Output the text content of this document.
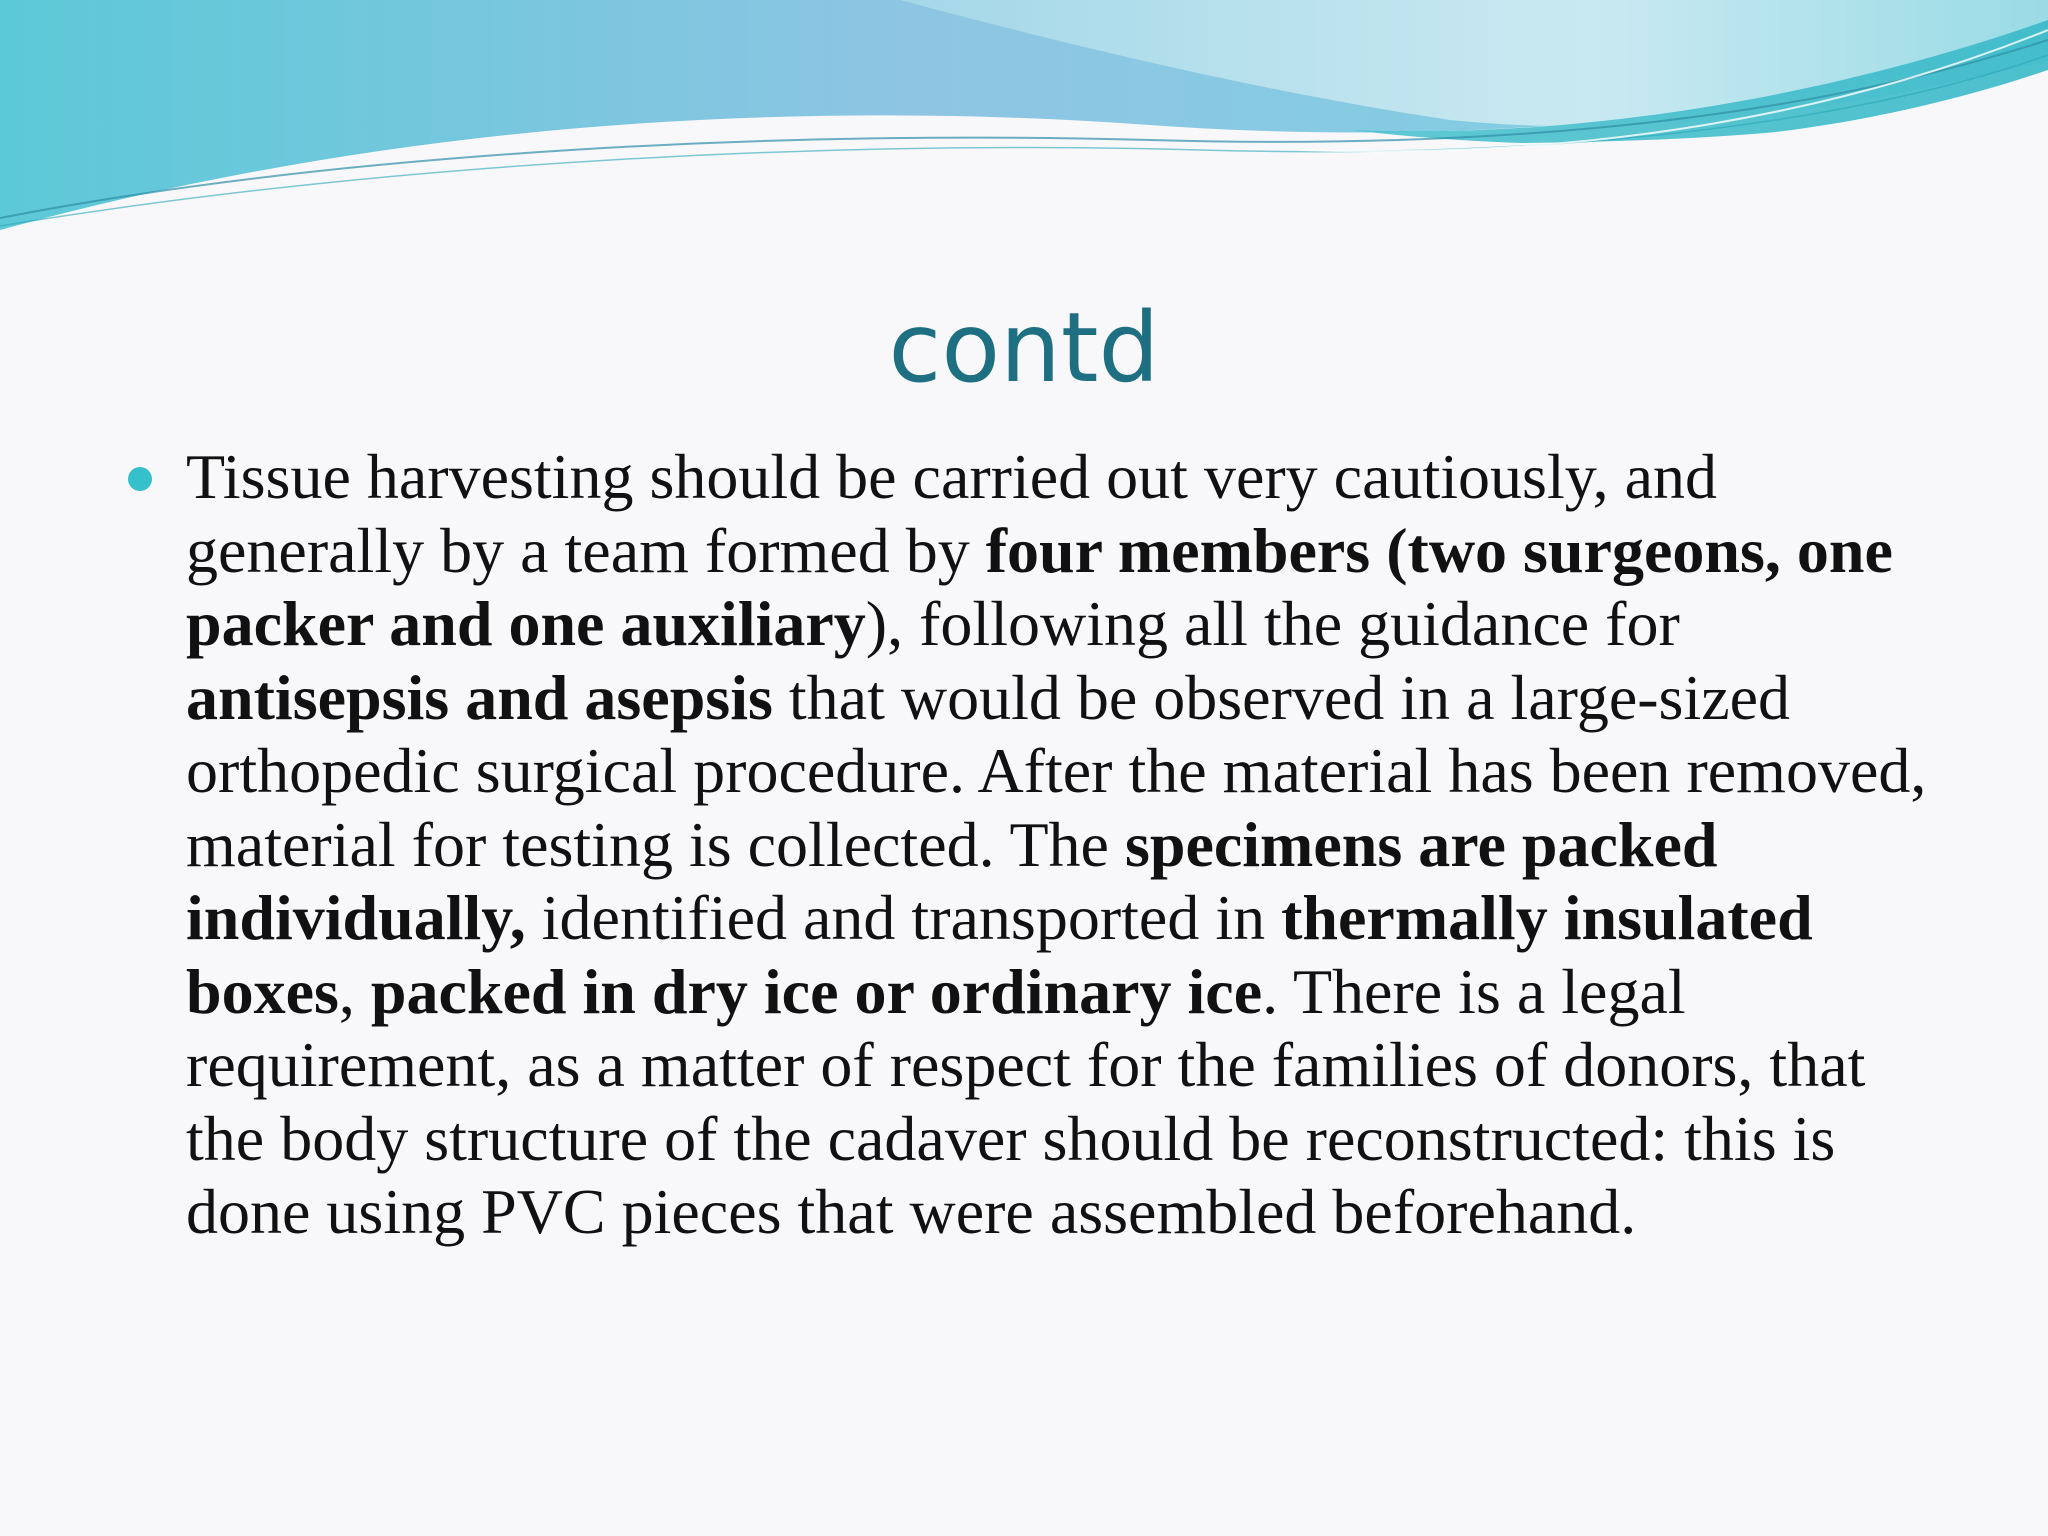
contd
Tissue harvesting should be carried out very cautiously, and generally by a team formed by four members (two surgeons, one packer and one auxiliary), following all the guidance for antisepsis and asepsis that would be observed in a large-sized orthopedic surgical procedure. After the material has been removed, material for testing is collected. The specimens are packed individually, identified and transported in thermally insulated boxes, packed in dry ice or ordinary ice. There is a legal requirement, as a matter of respect for the families of donors, that the body structure of the cadaver should be reconstructed: this is done using PVC pieces that were assembled beforehand.
